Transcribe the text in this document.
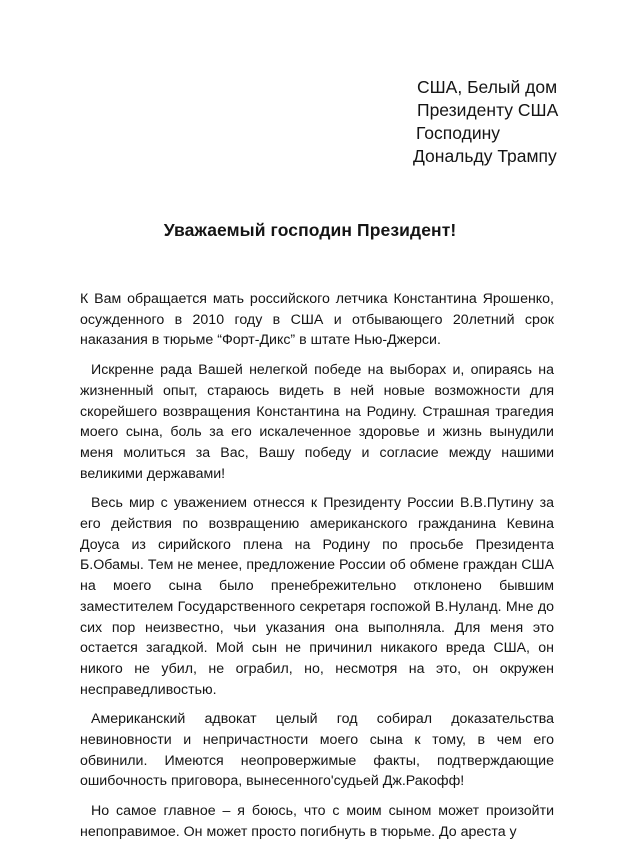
США, Белый дом

Президенту США

Господину

Дональду Трампу

Уважаемый господин Президент!

К Вам обращается мать российского летчика Константина Ярошенко, осужденного в 2010 году в США и отбывающего 20летний срок наказания в тюрьме “Форт-Дикс” в штате Нью-Джерси.

Искренне рада Вашей нелегкой победе на выборах и, опираясь на жизненный опыт, стараюсь видеть в ней новые возможности для скорейшего возвращения Константина на Родину. Страшная трагедия моего сына, боль за его искалеченное здоровье и жизнь вынудили меня молиться за Вас, Вашу победу и согласие между нашими великими державами!

Весь мир с уважением отнесся к Президенту России В.В.Путину за его действия по возвращению американского гражданина Кевина Доуса из сирийского плена на Родину по просьбе Президента Б.Обамы. Тем не менее, предложение России об обмене граждан США на моего сына было пренебрежительно отклонено бывшим заместителем Государственного секретаря госпожой В.Нуланд. Мне до сих пор неизвестно, чьи указания она выполняла. Для меня это остается загадкой. Мой сын не причинил никакого вреда США, он никого не убил, не ограбил, но, несмотря на это, он окружен несправедливостью.

Американский адвокат целый год собирал доказательства невиновности и непричастности моего сына к тому, в чем его обвинили. Имеются неопровержимые факты, подтверждающие ошибочность приговора, вынесенного'судьей Дж.Ракофф!

Но самое главное – я боюсь, что с моим сыном может произойти непоправимое. Он может просто погибнуть в тюрьме. До ареста у
